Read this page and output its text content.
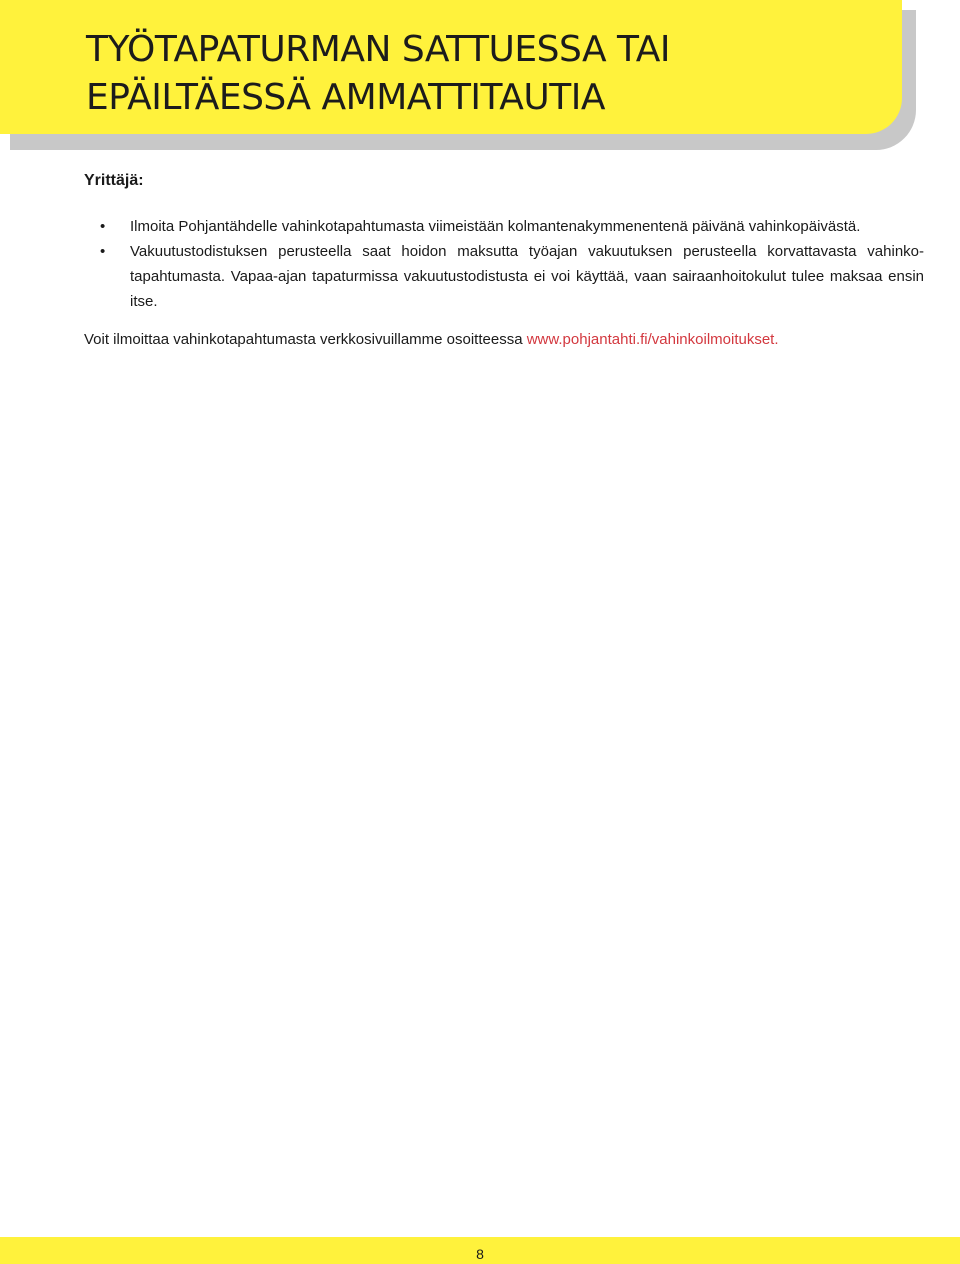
TYÖTAPATURMAN SATTUESSA TAI
EPÄILTÄESSÄ AMMATTITAUTIA
Yrittäjä:
• Ilmoita Pohjantähdelle vahinkotapahtumasta viimeistään kolmantenakymmenentenä päivänä vahinkopäivästä.
• Vakuutustodistuksen perusteella saat hoidon maksutta työajan vakuutuksen perusteella korvattavasta vahinko-tapahtumasta. Vapaa-ajan tapaturmissa vakuutustodistusta ei voi käyttää, vaan sairaanhoitokulut tulee maksaa ensin itse.

Voit ilmoittaa vahinkotapahtumasta verkkosivuillamme osoitteessa www.pohjantahti.fi/vahinkoilmoitukset.

8
